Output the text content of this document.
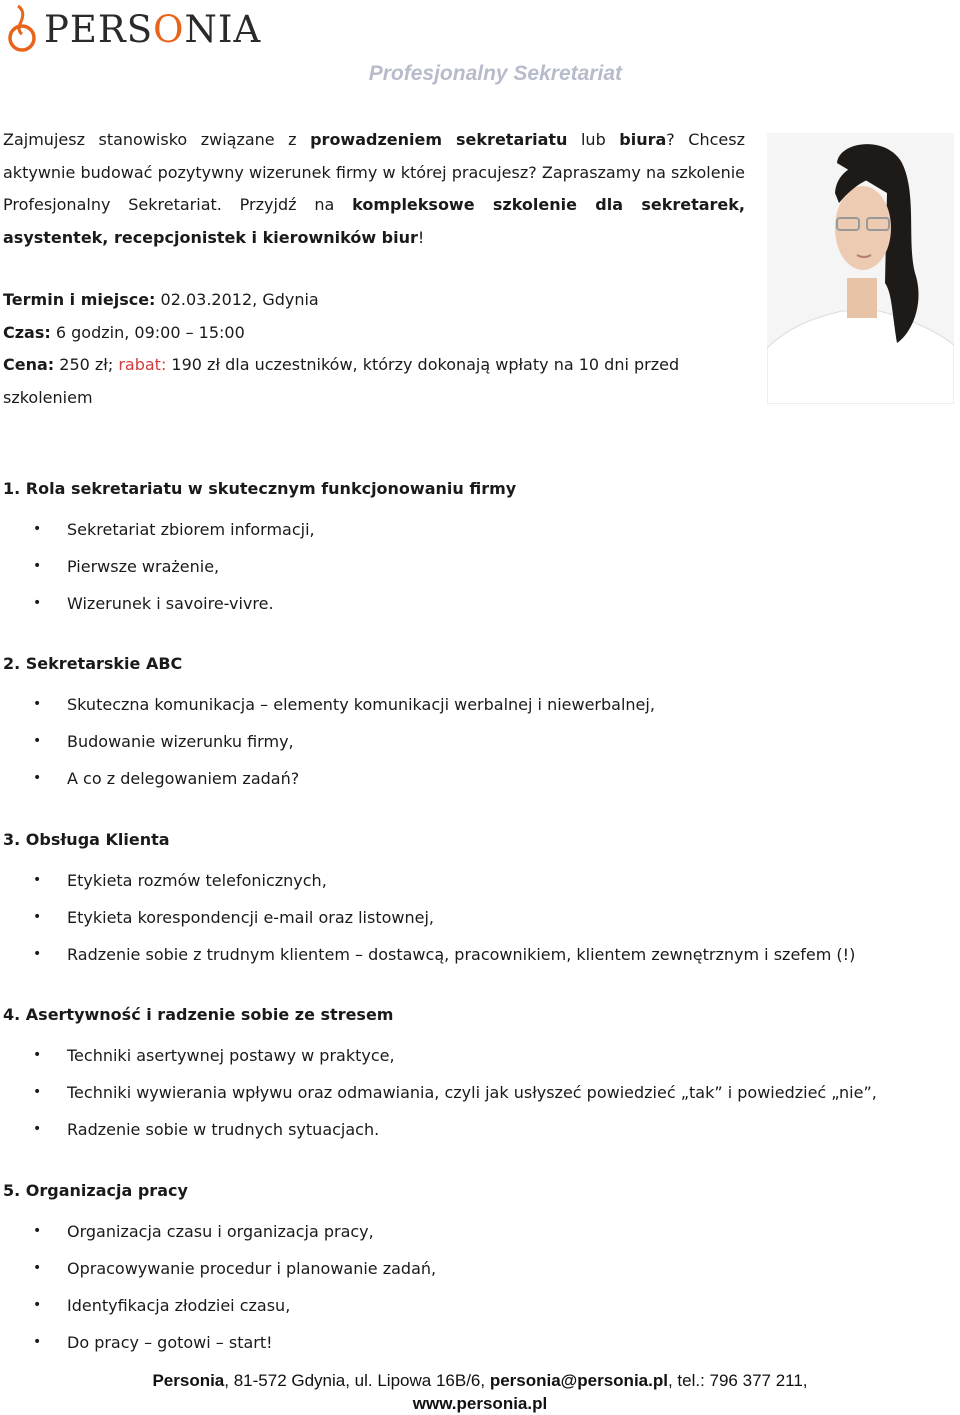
PERSONIA
Profesjonalny Sekretariat

Zajmujesz stanowisko związane z prowadzeniem sekretariatu lub biura? Chcesz aktywnie budować pozytywny wizerunek firmy w której pracujesz? Zapraszamy na szkolenie Profesjonalny Sekretariat. Przyjdź na kompleksowe szkolenie dla sekretarek, asystentek, recepcjonistek i kierowników biur!

Termin i miejsce: 02.03.2012, Gdynia

Czas: 6 godzin, 09:00 – 15:00

Cena: 250 zł; rabat: 190 zł dla uczestników, którzy dokonają wpłaty na 10 dni przed szkoleniem

1. Rola sekretariatu w skutecznym funkcjonowaniu firmy
• Sekretariat zbiorem informacji,
• Pierwsze wrażenie,
• Wizerunek i savoire-vivre.
2. Sekretarskie ABC
• Skuteczna komunikacja – elementy komunikacji werbalnej i niewerbalnej,
• Budowanie wizerunku firmy,
• A co z delegowaniem zadań?
3. Obsługa Klienta
• Etykieta rozmów telefonicznych,
• Etykieta korespondencji e-mail oraz listownej,
• Radzenie sobie z trudnym klientem – dostawcą, pracownikiem, klientem zewnętrznym i szefem (!)
4. Asertywność i radzenie sobie ze stresem
• Techniki asertywnej postawy w praktyce,
• Techniki wywierania wpływu oraz odmawiania, czyli jak usłyszeć powiedzieć „tak” i powiedzieć „nie”,
• Radzenie sobie w trudnych sytuacjach.
5. Organizacja pracy
• Organizacja czasu i organizacja pracy,
• Opracowywanie procedur i planowanie zadań,
• Identyfikacja złodziei czasu,
• Do pracy – gotowi – start!
Personia, 81-572 Gdynia, ul. Lipowa 16B/6, personia@personia.pl, tel.: 796 377 211,
www.personia.pl
